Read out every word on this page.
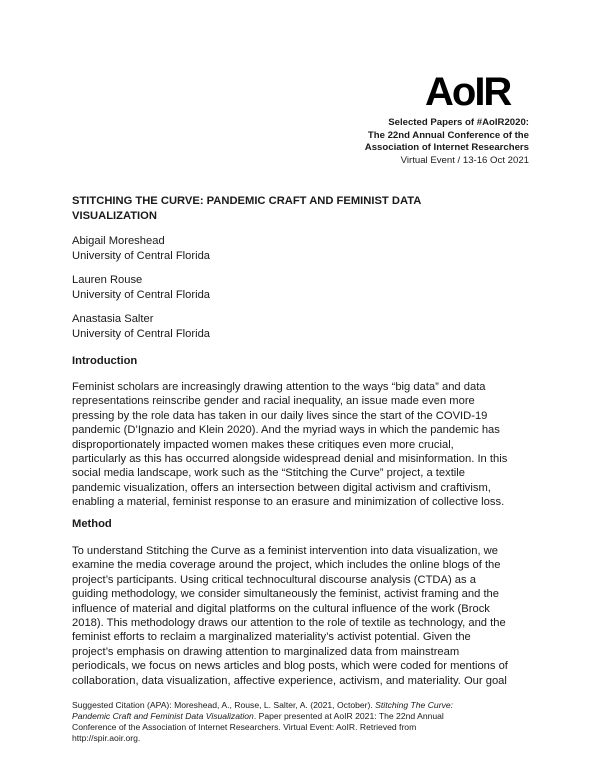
AoIR
Selected Papers of #AoIR2020:
The 22nd Annual Conference of the
Association of Internet Researchers
Virtual Event / 13-16 Oct 2021
STITCHING THE CURVE: PANDEMIC CRAFT AND FEMINIST DATA
VISUALIZATION
Abigail Moreshead
University of Central Florida
Lauren Rouse
University of Central Florida
Anastasia Salter
University of Central Florida
Introduction
Feminist scholars are increasingly drawing attention to the ways “big data” and data
representations reinscribe gender and racial inequality, an issue made even more
pressing by the role data has taken in our daily lives since the start of the COVID-19
pandemic (D’Ignazio and Klein 2020). And the myriad ways in which the pandemic has
disproportionately impacted women makes these critiques even more crucial,
particularly as this has occurred alongside widespread denial and misinformation. In this
social media landscape, work such as the “Stitching the Curve” project, a textile
pandemic visualization, offers an intersection between digital activism and craftivism,
enabling a material, feminist response to an erasure and minimization of collective loss.
Method
To understand Stitching the Curve as a feminist intervention into data visualization, we
examine the media coverage around the project, which includes the online blogs of the
project’s participants. Using critical technocultural discourse analysis (CTDA) as a
guiding methodology, we consider simultaneously the feminist, activist framing and the
influence of material and digital platforms on the cultural influence of the work (Brock
2018). This methodology draws our attention to the role of textile as technology, and the
feminist efforts to reclaim a marginalized materiality’s activist potential. Given the
project’s emphasis on drawing attention to marginalized data from mainstream
periodicals, we focus on news articles and blog posts, which were coded for mentions of
collaboration, data visualization, affective experience, activism, and materiality. Our goal
Suggested Citation (APA): Moreshead, A., Rouse, L. Salter, A. (2021, October). Stitching The Curve:
Pandemic Craft and Feminist Data Visualization. Paper presented at AoIR 2021: The 22nd Annual
Conference of the Association of Internet Researchers. Virtual Event: AoIR. Retrieved from
http://spir.aoir.org.
